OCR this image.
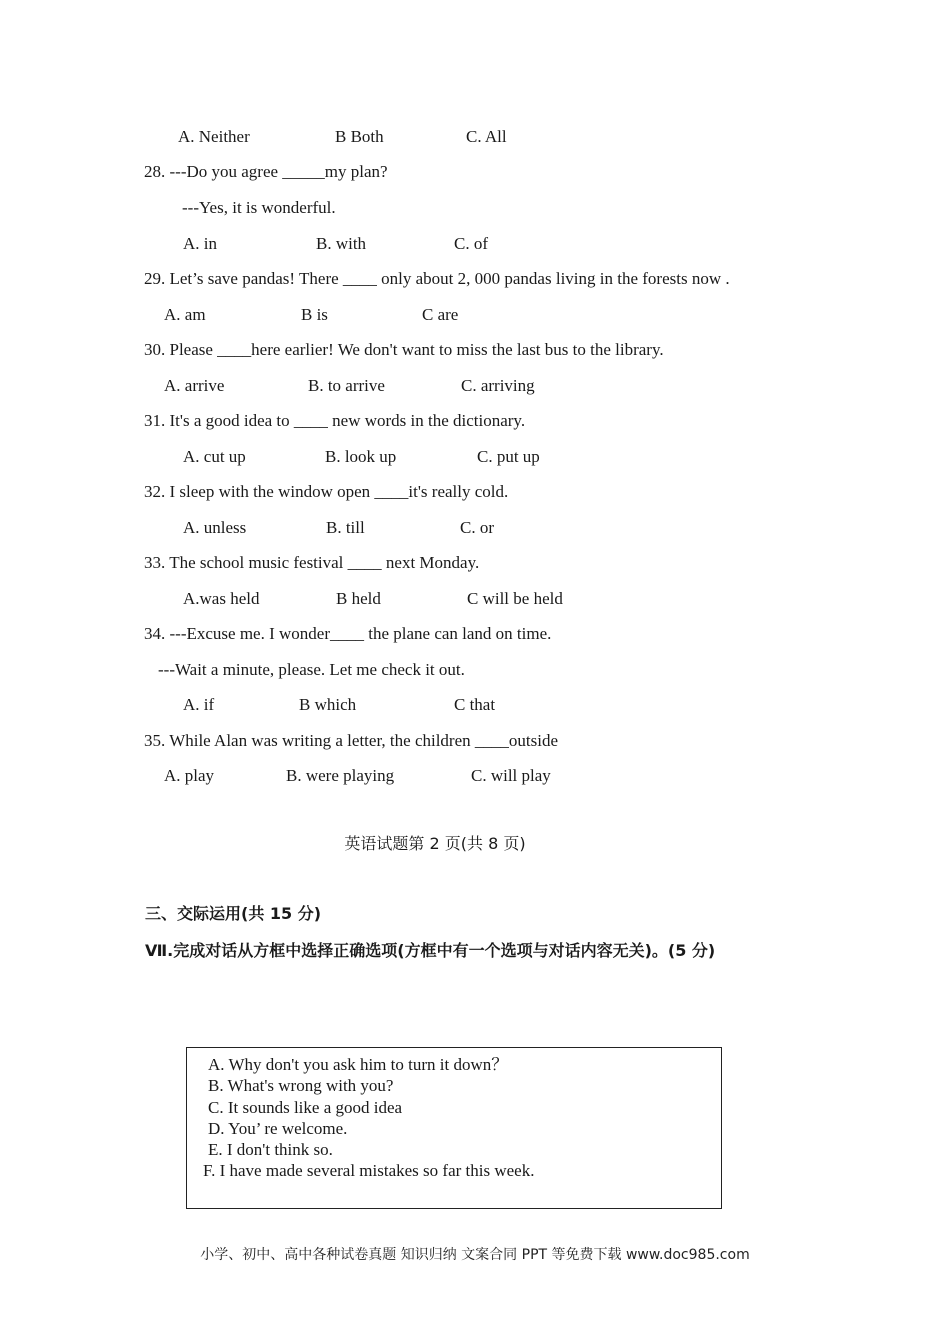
A. Neither	B Both	C. All
28. ---Do you agree _____my plan?
---Yes, it is wonderful.
A. in	B. with	C. of
29. Let’s save pandas! There ____ only about 2, 000 pandas living in the forests now .
A. am	B is	C are
30. Please ____here earlier! We don't want to miss the last bus to the library.
A. arrive	B. to arrive	C. arriving
31. It's a good idea to ____ new words in the dictionary.
A. cut up	B. look up	C. put up
32. I sleep with the window open ____it's really cold.
A. unless	B. till	C. or
33. The school music festival ____ next Monday.
A.was held	B held	C will be held
34. ---Excuse me. I wonder____ the plane can land on time.
---Wait a minute, please. Let me check it out.
A. if	B which	C that
35. While Alan was writing a letter, the children ____outside
A. play	B. were playing	C. will play
英语试题第 2 页(共 8 页)
三、交际运用(共 15 分)
Ⅶ.完成对话从方框中选择正确选项(方框中有一个选项与对话内容无关)。(5 分)
A. Why don't you ask him to turn it down？
B. What's wrong with you?
C. It sounds like a good idea
D. You’ re welcome.
E. I don't think so.
F. I have made several mistakes so far this week.
小学、初中、高中各种试卷真题 知识归纳 文案合同 PPT 等免费下载 www.doc985.com
